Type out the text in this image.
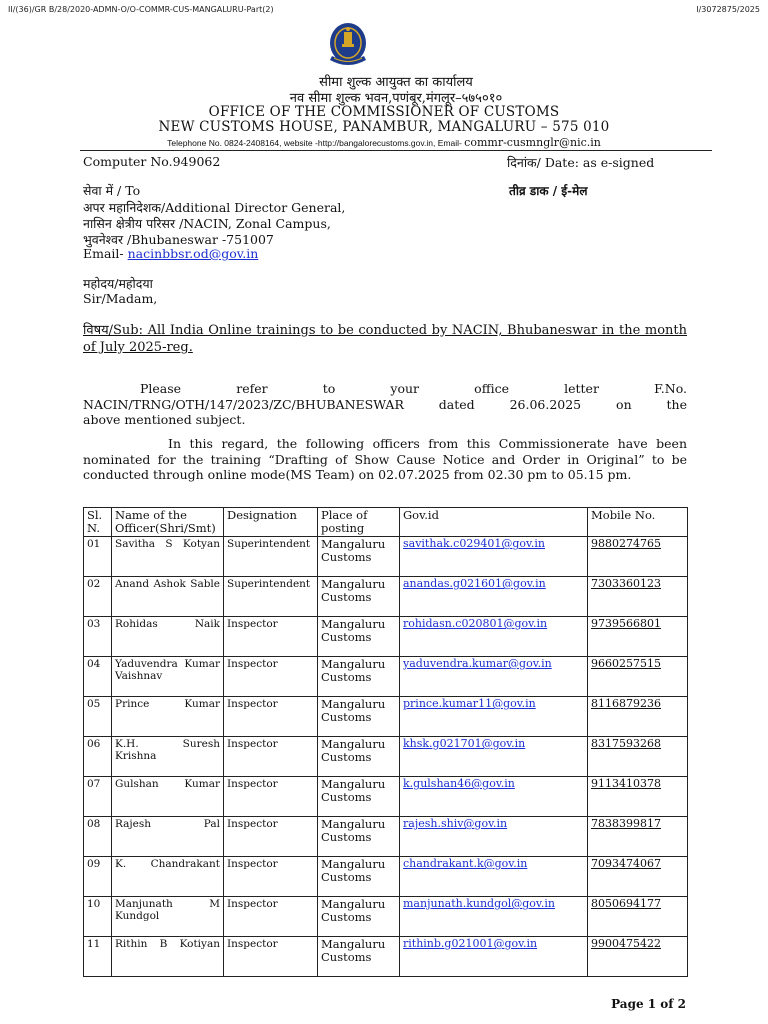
II/(36)/GR B/28/2020-ADMN-O/O-COMMR-CUS-MANGALURU-Part(2)	I/3072875/2025
सीमा शुल्क आयुक्त का कार्यालय
नव सीमा शुल्क भवन,पणंबूर,मंगलूर–५७५०१०
OFFICE OF THE COMMISSIONER OF CUSTOMS
NEW CUSTOMS HOUSE, PANAMBUR, MANGALURU – 575 010
Telephone No. 0824-2408164, website -http://bangalorecustoms.gov.in, Email- commr-cusmnglr@nic.in
Computer No.949062	दिनांक/ Date: as e-signed
तीव्र डाक / ई-मेल
सेवा में / To
अपर महानिदेशक/Additional Director General,
नासिन क्षेत्रीय परिसर /NACIN, Zonal Campus,
भुवनेश्वर /Bhubaneswar -751007
Email- nacinbbsr.od@gov.in
महोदय/महोदया
Sir/Madam,
विषय/Sub: All India Online trainings to be conducted by NACIN, Bhubaneswar in the month of July 2025-reg.
Please refer to your office letter F.No.
NACIN/TRNG/OTH/147/2023/ZC/BHUBANESWAR dated 26.06.2025 on the
above mentioned subject.
In this regard, the following officers from this Commissionerate have been nominated for the training “Drafting of Show Cause Notice and Order in Original” to be conducted through online mode(MS Team) on 02.07.2025 from 02.30 pm to 05.15 pm.
Sl. N.	Name of the Officer(Shri/Smt)	Designation	Place of posting	Gov.id	Mobile No.
01	Savitha S Kotyan	Superintendent	Mangaluru Customs	savithak.c029401@gov.in	9880274765
02	Anand Ashok Sable	Superintendent	Mangaluru Customs	anandas.g021601@gov.in	7303360123
03	Rohidas Naik	Inspector	Mangaluru Customs	rohidasn.c020801@gov.in	9739566801
04	Yaduvendra Kumar Vaishnav	Inspector	Mangaluru Customs	yaduvendra.kumar@gov.in	9660257515
05	Prince Kumar	Inspector	Mangaluru Customs	prince.kumar11@gov.in	8116879236
06	K.H. Suresh Krishna	Inspector	Mangaluru Customs	khsk.g021701@gov.in	8317593268
07	Gulshan Kumar	Inspector	Mangaluru Customs	k.gulshan46@gov.in	9113410378
08	Rajesh Pal	Inspector	Mangaluru Customs	rajesh.shiv@gov.in	7838399817
09	K. Chandrakant	Inspector	Mangaluru Customs	chandrakant.k@gov.in	7093474067
10	Manjunath M Kundgol	Inspector	Mangaluru Customs	manjunath.kundgol@gov.in	8050694177
11	Rithin B Kotiyan	Inspector	Mangaluru Customs	rithinb.g021001@gov.in	9900475422
Page 1 of 2
